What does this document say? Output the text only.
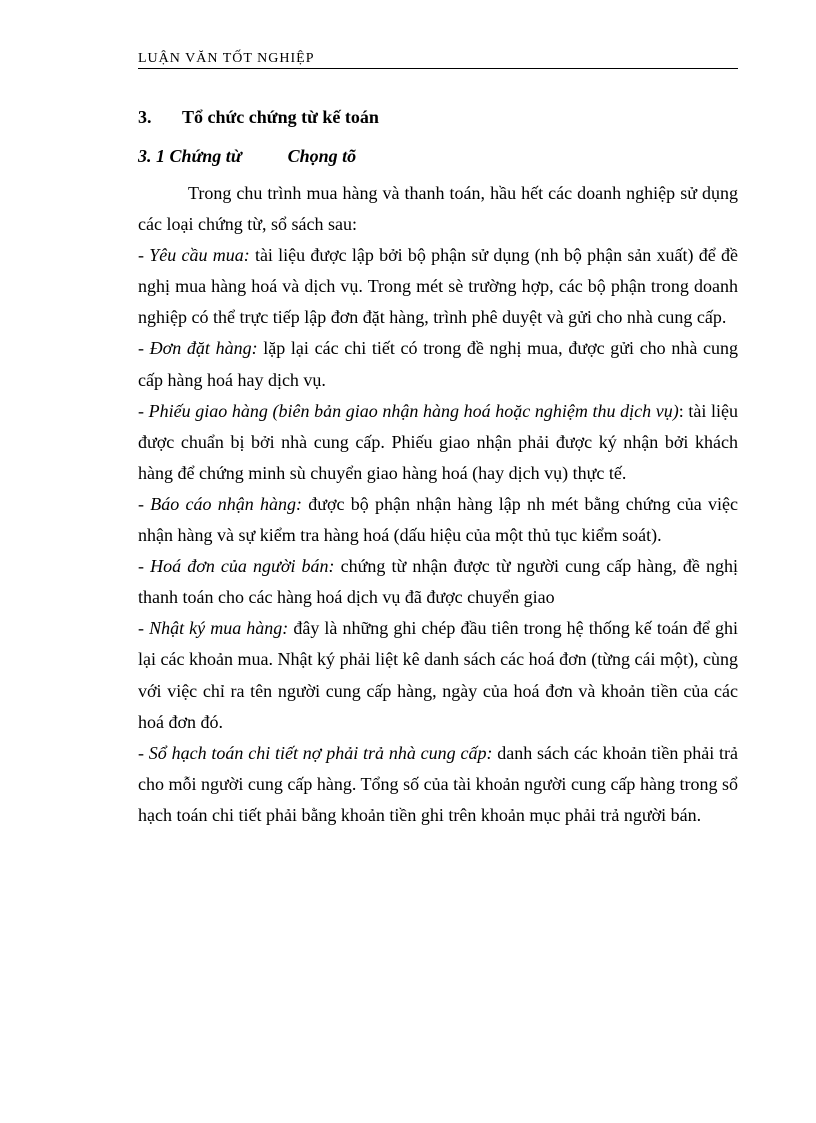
LUẬN VĂN TỐT NGHIỆP
3. Tổ chức chứng từ kế toán
3. 1 Chứng từ	Chọng tõ

Trong chu trình mua hàng và thanh toán, hầu hết các doanh nghiệp sử dụng các loại chứng từ, sổ sách sau:

- Yêu cầu mua: tài liệu được lập bởi bộ phận sử dụng (nh bộ phận sản xuất) để đề nghị mua hàng hoá và dịch vụ. Trong mét sè trường hợp, các bộ phận trong doanh nghiệp có thể trực tiếp lập đơn đặt hàng, trình phê duyệt và gửi cho nhà cung cấp.

- Đơn đặt hàng: lặp lại các chi tiết có trong đề nghị mua, được gửi cho nhà cung cấp hàng hoá hay dịch vụ.

- Phiếu giao hàng (biên bản giao nhận hàng hoá hoặc nghiệm thu dịch vụ): tài liệu được chuẩn bị bởi nhà cung cấp. Phiếu giao nhận phải được ký nhận bởi khách hàng để chứng minh sù chuyển giao hàng hoá (hay dịch vụ) thực tế.

- Báo cáo nhận hàng: được bộ phận nhận hàng lập nh mét bằng chứng của việc nhận hàng và sự kiểm tra hàng hoá (dấu hiệu của một thủ tục kiểm soát).

- Hoá đơn của người bán: chứng từ nhận được từ người cung cấp hàng, đề nghị thanh toán cho các hàng hoá dịch vụ đã được chuyển giao

- Nhật ký mua hàng: đây là những ghi chép đầu tiên trong hệ thống kế toán để ghi lại các khoản mua. Nhật ký phải liệt kê danh sách các hoá đơn (từng cái một), cùng với việc chỉ ra tên người cung cấp hàng, ngày của hoá đơn và khoản tiền của các hoá đơn đó.

- Sổ hạch toán chi tiết nợ phải trả nhà cung cấp: danh sách các khoản tiền phải trả cho mỗi người cung cấp hàng. Tổng số của tài khoản người cung cấp hàng trong sổ hạch toán chi tiết phải bằng khoản tiền ghi trên khoản mục phải trả người bán.
